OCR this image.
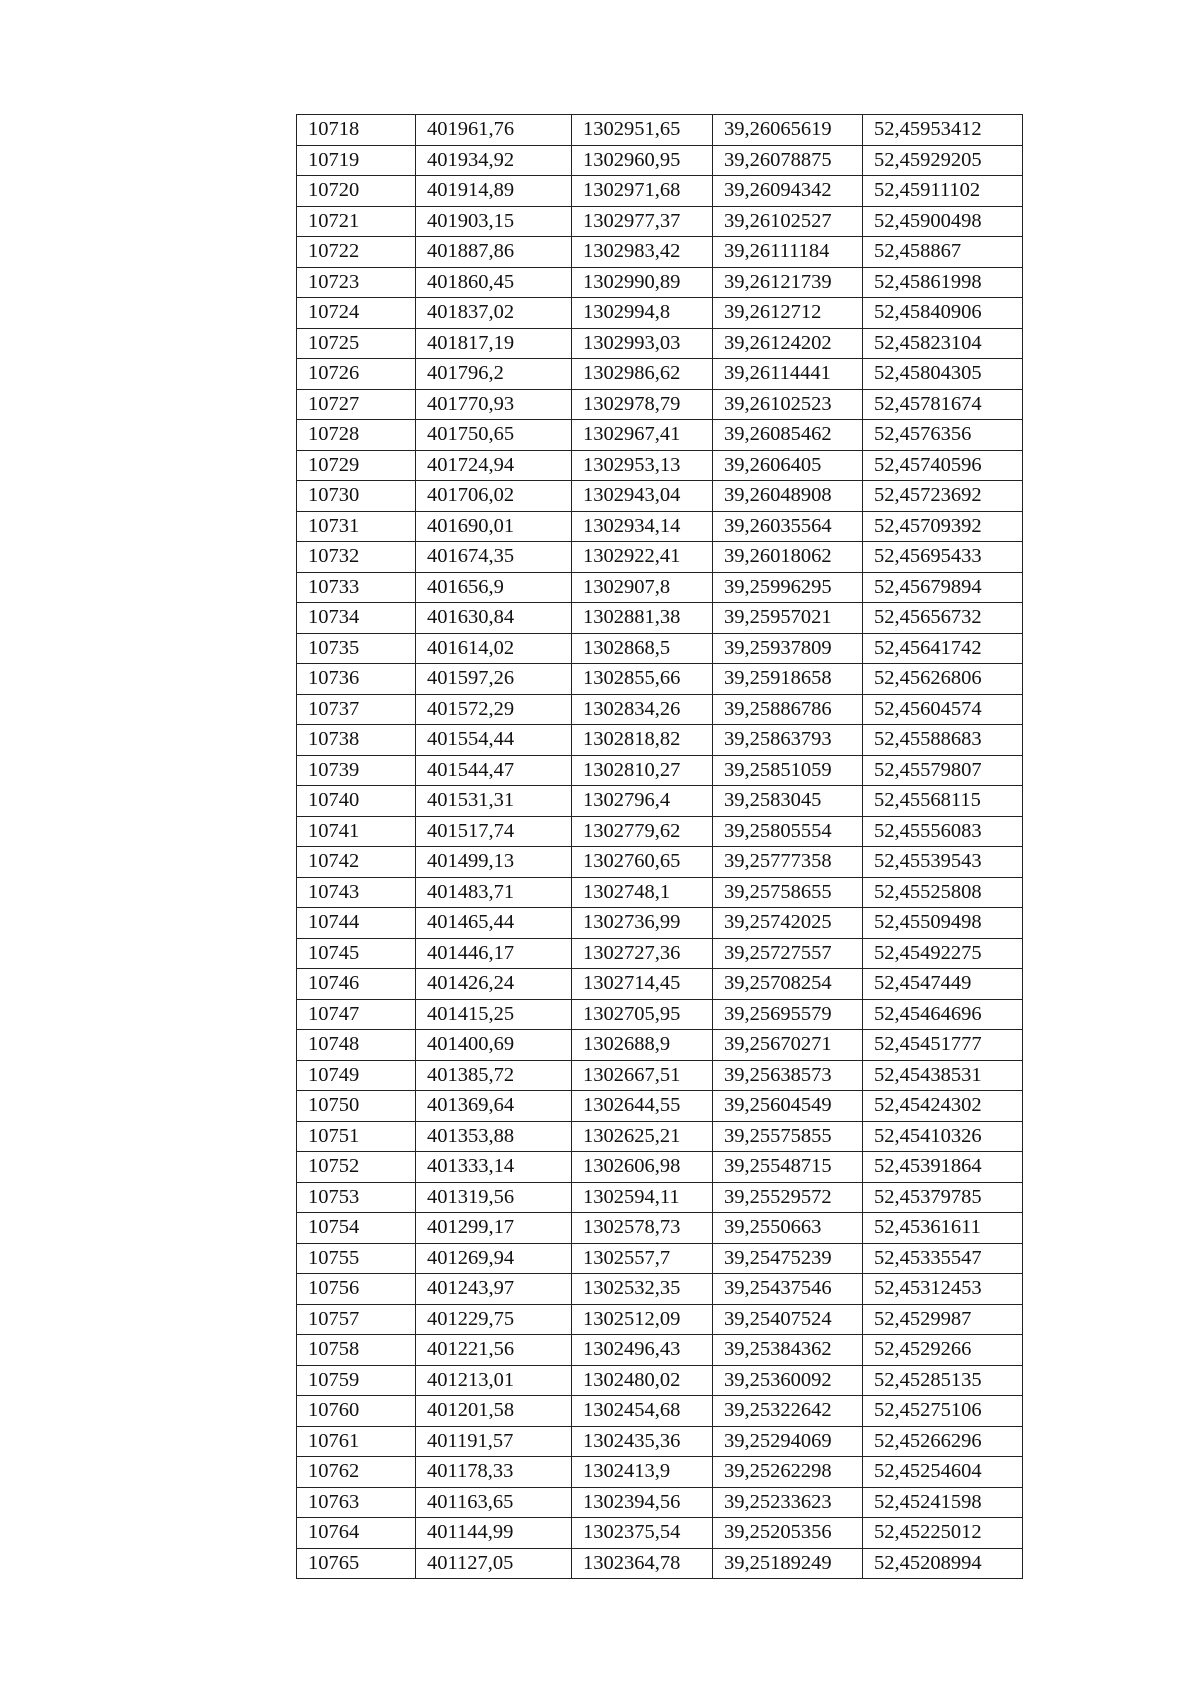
10718	401961,76	1302951,65	39,26065619	52,45953412
10719	401934,92	1302960,95	39,26078875	52,45929205
10720	401914,89	1302971,68	39,26094342	52,45911102
10721	401903,15	1302977,37	39,26102527	52,45900498
10722	401887,86	1302983,42	39,26111184	52,458867
10723	401860,45	1302990,89	39,26121739	52,45861998
10724	401837,02	1302994,8	39,2612712	52,45840906
10725	401817,19	1302993,03	39,26124202	52,45823104
10726	401796,2	1302986,62	39,26114441	52,45804305
10727	401770,93	1302978,79	39,26102523	52,45781674
10728	401750,65	1302967,41	39,26085462	52,4576356
10729	401724,94	1302953,13	39,2606405	52,45740596
10730	401706,02	1302943,04	39,26048908	52,45723692
10731	401690,01	1302934,14	39,26035564	52,45709392
10732	401674,35	1302922,41	39,26018062	52,45695433
10733	401656,9	1302907,8	39,25996295	52,45679894
10734	401630,84	1302881,38	39,25957021	52,45656732
10735	401614,02	1302868,5	39,25937809	52,45641742
10736	401597,26	1302855,66	39,25918658	52,45626806
10737	401572,29	1302834,26	39,25886786	52,45604574
10738	401554,44	1302818,82	39,25863793	52,45588683
10739	401544,47	1302810,27	39,25851059	52,45579807
10740	401531,31	1302796,4	39,2583045	52,45568115
10741	401517,74	1302779,62	39,25805554	52,45556083
10742	401499,13	1302760,65	39,25777358	52,45539543
10743	401483,71	1302748,1	39,25758655	52,45525808
10744	401465,44	1302736,99	39,25742025	52,45509498
10745	401446,17	1302727,36	39,25727557	52,45492275
10746	401426,24	1302714,45	39,25708254	52,4547449
10747	401415,25	1302705,95	39,25695579	52,45464696
10748	401400,69	1302688,9	39,25670271	52,45451777
10749	401385,72	1302667,51	39,25638573	52,45438531
10750	401369,64	1302644,55	39,25604549	52,45424302
10751	401353,88	1302625,21	39,25575855	52,45410326
10752	401333,14	1302606,98	39,25548715	52,45391864
10753	401319,56	1302594,11	39,25529572	52,45379785
10754	401299,17	1302578,73	39,2550663	52,45361611
10755	401269,94	1302557,7	39,25475239	52,45335547
10756	401243,97	1302532,35	39,25437546	52,45312453
10757	401229,75	1302512,09	39,25407524	52,4529987
10758	401221,56	1302496,43	39,25384362	52,4529266
10759	401213,01	1302480,02	39,25360092	52,45285135
10760	401201,58	1302454,68	39,25322642	52,45275106
10761	401191,57	1302435,36	39,25294069	52,45266296
10762	401178,33	1302413,9	39,25262298	52,45254604
10763	401163,65	1302394,56	39,25233623	52,45241598
10764	401144,99	1302375,54	39,25205356	52,45225012
10765	401127,05	1302364,78	39,25189249	52,45208994
